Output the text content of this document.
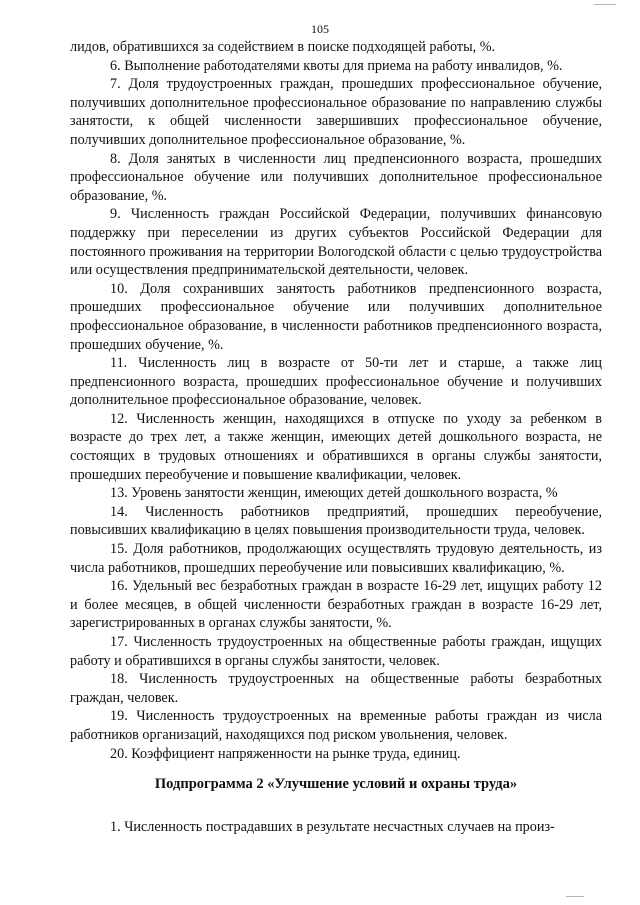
105

лидов, обратившихся за содействием в поиске подходящей работы, %.

6. Выполнение работодателями квоты для приема на работу инвалидов, %.

7. Доля трудоустроенных граждан, прошедших профессиональное обучение, получивших дополнительное профессиональное образование по направлению службы занятости, к общей численности завершивших профессиональное обучение, получивших дополнительное профессиональное образование, %.

8. Доля занятых в численности лиц предпенсионного возраста, прошедших профессиональное обучение или получивших дополнительное профессиональное образование, %.

9. Численность граждан Российской Федерации, получивших финансовую поддержку при переселении из других субъектов Российской Федерации для постоянного проживания на территории Вологодской области с целью трудоустройства или осуществления предпринимательской деятельности, человек.

10. Доля сохранивших занятость работников предпенсионного возраста, прошедших профессиональное обучение или получивших дополнительное профессиональное образование, в численности работников предпенсионного возраста, прошедших обучение, %.

11. Численность лиц в возрасте от 50-ти лет и старше, а также лиц предпенсионного возраста, прошедших профессиональное обучение и получивших дополнительное профессиональное образование, человек.

12. Численность женщин, находящихся в отпуске по уходу за ребенком в возрасте до трех лет, а также женщин, имеющих детей дошкольного возраста, не состоящих в трудовых отношениях и обратившихся в органы службы занятости, прошедших переобучение и повышение квалификации, человек.

13. Уровень занятости женщин, имеющих детей дошкольного возраста, %

14. Численность работников предприятий, прошедших переобучение, повысивших квалификацию в целях повышения производительности труда, человек.

15. Доля работников, продолжающих осуществлять трудовую деятельность, из числа работников, прошедших переобучение или повысивших квалификацию, %.

16. Удельный вес безработных граждан в возрасте 16-29 лет, ищущих работу 12 и более месяцев, в общей численности безработных граждан в возрасте 16-29 лет, зарегистрированных в органах службы занятости, %.

17. Численность трудоустроенных на общественные работы граждан, ищущих работу и обратившихся в органы службы занятости, человек.

18. Численность трудоустроенных на общественные работы безработных граждан, человек.

19. Численность трудоустроенных на временные работы граждан из числа работников организаций, находящихся под риском увольнения, человек.

20. Коэффициент напряженности на рынке труда, единиц.

Подпрограмма 2 «Улучшение условий и охраны труда»

1. Численность пострадавших в результате несчастных случаев на произ-
